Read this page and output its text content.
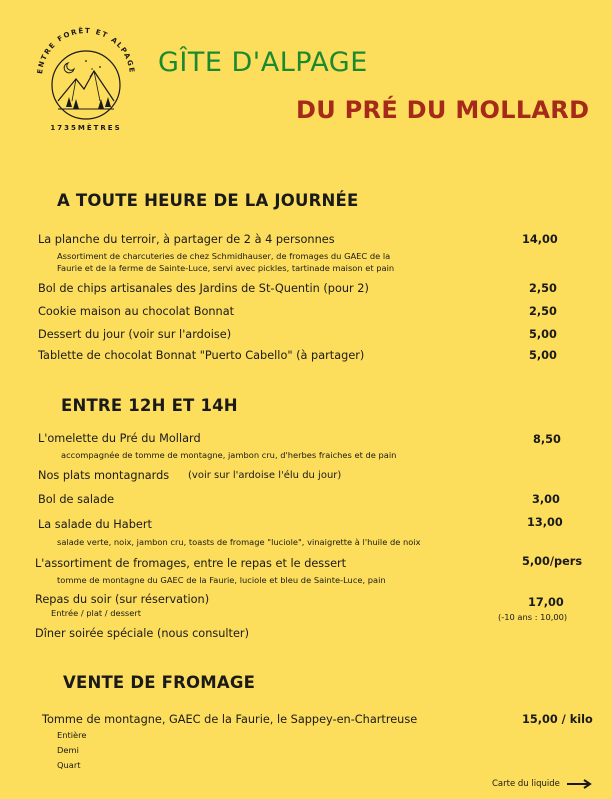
ENTRE FORÊT ET ALPAGE
1735MÈTRES
GÎTE D'ALPAGE
DU PRÉ DU MOLLARD
A TOUTE HEURE DE LA JOURNÉE
La planche du terroir, à partager de 2 à 4 personnes	14,00
Assortiment de charcuteries de chez Schmidhauser, de fromages du GAEC de la
Faurie et de la ferme de Sainte-Luce, servi avec pickles, tartinade maison et pain
Bol de chips artisanales des Jardins de St-Quentin (pour 2)	2,50
Cookie maison au chocolat Bonnat	2,50
Dessert du jour (voir sur l'ardoise)	5,00
Tablette de chocolat Bonnat "Puerto Cabello" (à partager)	5,00
ENTRE 12H ET 14H
L'omelette du Pré du Mollard	8,50
accompagnée de tomme de montagne, jambon cru, d'herbes fraiches et de pain
Nos plats montagnards (voir sur l'ardoise l'élu du jour)
Bol de salade	3,00
La salade du Habert	13,00
salade verte, noix, jambon cru, toasts de fromage "luciole", vinaigrette à l'huile de noix
L'assortiment de fromages, entre le repas et le dessert	5,00/pers
tomme de montagne du GAEC de la Faurie, luciole et bleu de Sainte-Luce, pain
Repas du soir (sur réservation)	17,00
Entrée / plat / dessert	(-10 ans : 10,00)
Dîner soirée spéciale (nous consulter)
VENTE DE FROMAGE
Tomme de montagne, GAEC de la Faurie, le Sappey-en-Chartreuse	15,00 / kilo
Entière
Demi
Quart
Carte du liquide
